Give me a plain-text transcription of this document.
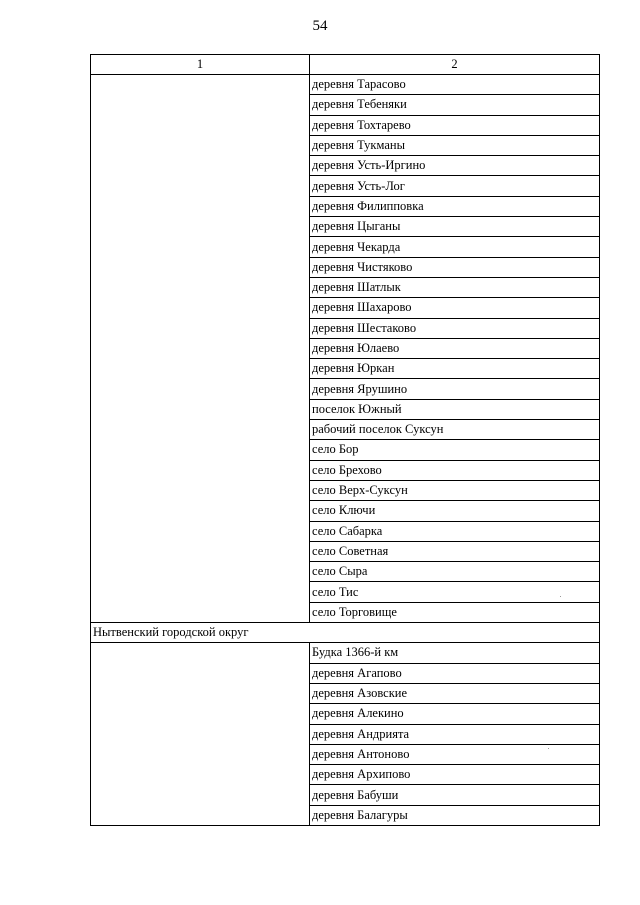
54
1	2
	деревня Тарасово
	деревня Тебеняки
	деревня Тохтарево
	деревня Тукманы
	деревня Усть-Иргино
	деревня Усть-Лог
	деревня Филипповка
	деревня Цыганы
	деревня Чекарда
	деревня Чистяково
	деревня Шатлык
	деревня Шахарово
	деревня Шестаково
	деревня Юлаево
	деревня Юркан
	деревня Ярушино
	поселок Южный
	рабочий поселок Суксун
	село Бор
	село Брехово
	село Верх-Суксун
	село Ключи
	село Сабарка
	село Советная
	село Сыра
	село Тис
	село Торговище
Нытвенский городской округ	
	Будка 1366-й км
	деревня Агапово
	деревня Азовские
	деревня Алекино
	деревня Андрията
	деревня Антоново
	деревня Архипово
	деревня Бабуши
	деревня Балагуры
